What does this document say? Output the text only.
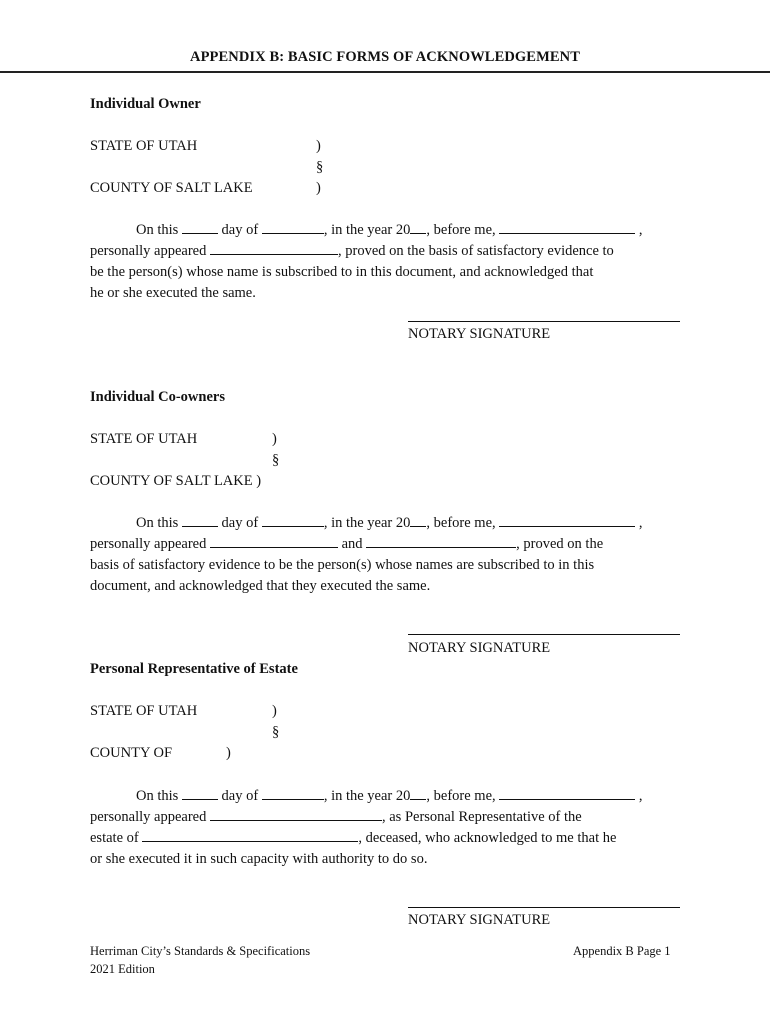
APPENDIX B: BASIC FORMS OF ACKNOWLEDGEMENT
Individual Owner
STATE OF UTAH	)
§
COUNTY OF SALT LAKE	)
On this	day of	, in the year 20 , before me,	,
personally appeared	, proved on the basis of satisfactory evidence to
be the person(s) whose name is subscribed to in this document, and acknowledged that
he or she executed the same.
NOTARY SIGNATURE
Individual Co-owners
STATE OF UTAH	)
§
COUNTY OF SALT LAKE )
On this	day of	, in the year 20 , before me,	,
personally appeared	and	, proved on the
basis of satisfactory evidence to be the person(s) whose names are subscribed to in this
document, and acknowledged that they executed the same.
NOTARY SIGNATURE
Personal Representative of Estate
STATE OF UTAH	)
§
COUNTY OF	)
On this	day of	, in the year 20 , before me,	,
personally appeared	, as Personal Representative of the
estate of	, deceased, who acknowledged to me that he
or she executed it in such capacity with authority to do so.
NOTARY SIGNATURE
Herriman City’s Standards & Specifications
2021 Edition
Appendix B Page 1
